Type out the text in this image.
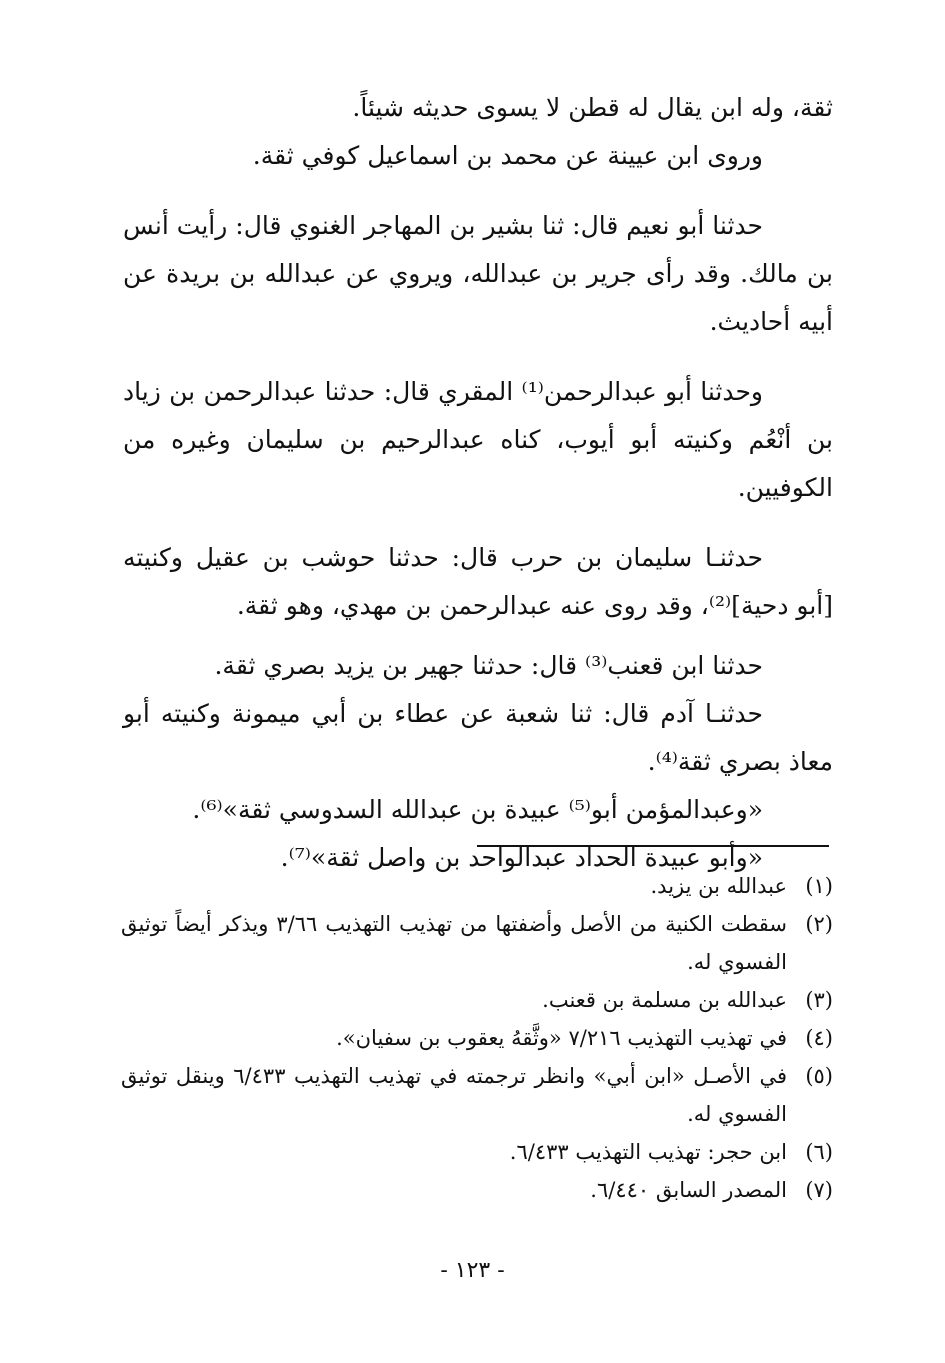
ثقة، وله ابن يقال له قطن لا يسوى حديثه شيئاً.

وروى ابن عيينة عن محمد بن اسماعيل كوفي ثقة.

حدثنا أبو نعيم قال: ثنا بشير بن المهاجر الغنوي قال: رأيت أنس بن مالك. وقد رأى جرير بن عبدالله، ويروي عن عبدالله بن بريدة عن أبيه أحاديث.

وحدثنا أبو عبدالرحمن⁽¹⁾ المقري قال: حدثنا عبدالرحمن بن زياد بن أنْعُم وكنيته أبو أيوب، كناه عبدالرحيم بن سليمان وغيره من الكوفيين.

حدثنـا سليمان بن حرب قال: حدثنا حوشب بن عقيل وكنيته [أبو دحية]⁽²⁾، وقد روى عنه عبدالرحمن بن مهدي، وهو ثقة.

حدثنا ابن قعنب⁽³⁾ قال: حدثنا جهير بن يزيد بصري ثقة.

حدثنـا آدم قال: ثنا شعبة عن عطاء بن أبي ميمونة وكنيته أبو معاذ بصري ثقة⁽⁴⁾.

«وعبدالمؤمن أبو⁽⁵⁾ عبيدة بن عبدالله السدوسي ثقة»⁽⁶⁾.

«وأبو عبيدة الحداد عبدالواحد بن واصل ثقة»⁽⁷⁾.

(١)
عبدالله بن يزيد.
(٢)
سقطت الكنية من الأصل وأضفتها من تهذيب التهذيب ٣/٦٦ ويذكر أيضاً توثيق الفسوي له.
(٣)
عبدالله بن مسلمة بن قعنب.
(٤)
في تهذيب التهذيب ٧/٢١٦ «وثَّقهُ يعقوب بن سفيان».
(٥)
في الأصـل «ابن أبي» وانظر ترجمته في تهذيب التهذيب ٦/٤٣٣ وينقل توثيق الفسوي له.
(٦)
ابن حجر: تهذيب التهذيب ٦/٤٣٣.
(٧)
المصدر السابق ٦/٤٤٠.
- ١٢٣ -
